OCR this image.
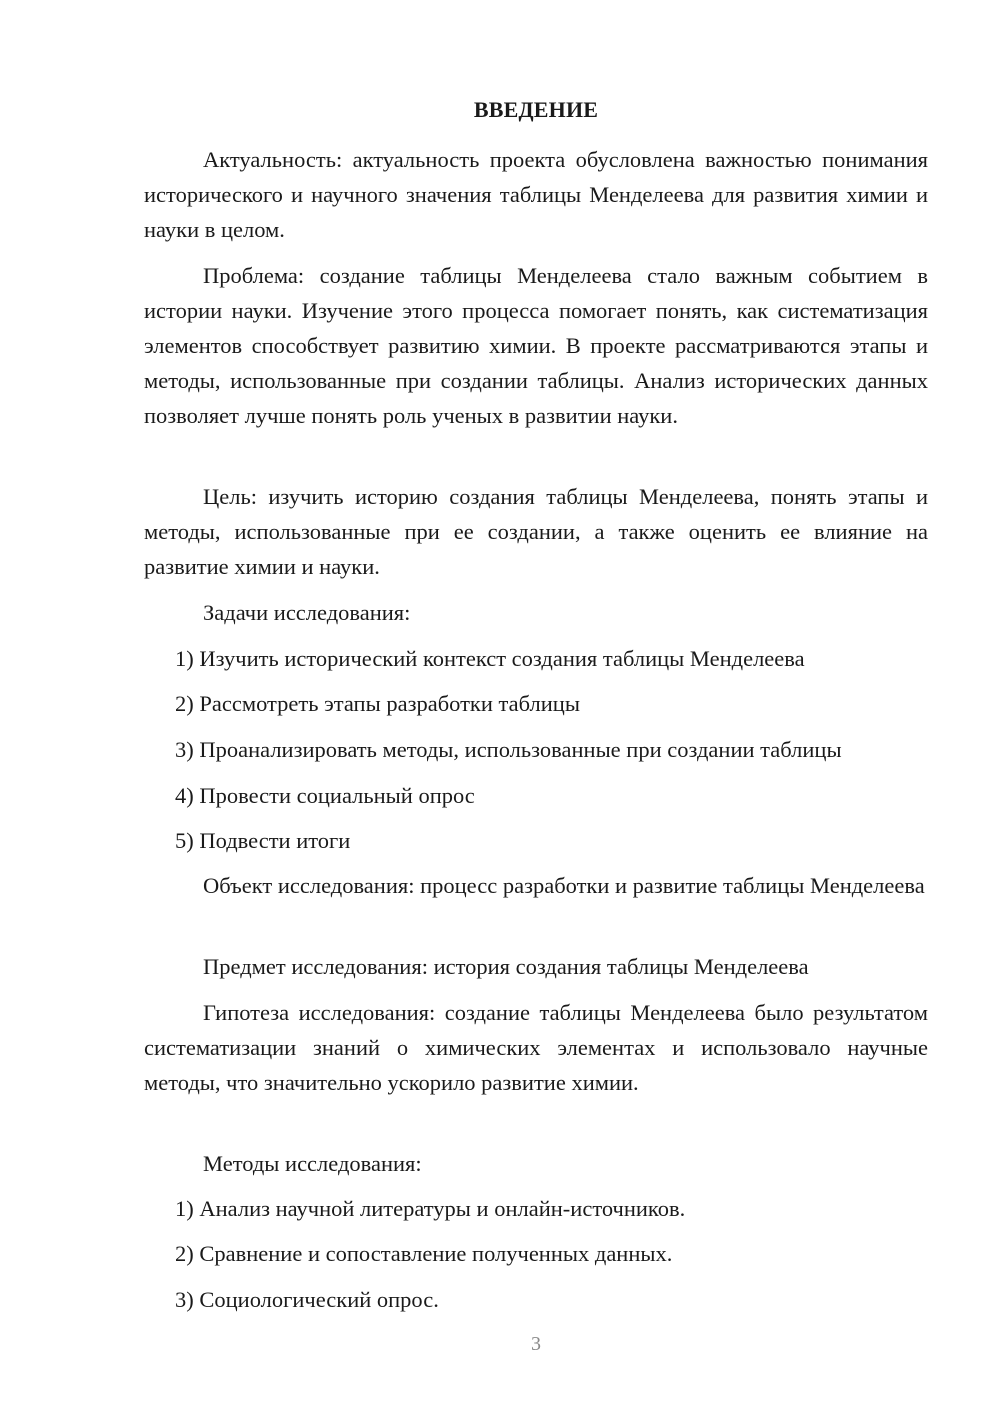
ВВЕДЕНИЕ

Актуальность: актуальность проекта обусловлена важностью понимания исторического и научного значения таблицы Менделеева для развития химии и науки в целом.

Проблема: создание таблицы Менделеева стало важным событием в истории науки. Изучение этого процесса помогает понять, как систематизация элементов способствует развитию химии. В проекте рассматриваются этапы и методы, использованные при создании таблицы. Анализ исторических данных позволяет лучше понять роль ученых в развитии науки.

Цель: изучить историю создания таблицы Менделеева, понять этапы и методы, использованные при ее создании, а также оценить ее влияние на развитие химии и науки.

Задачи исследования:

1) Изучить исторический контекст создания таблицы Менделеева

2) Рассмотреть этапы разработки таблицы

3) Проанализировать методы, использованные при создании таблицы

4) Провести социальный опрос

5) Подвести итоги

Объект исследования: процесс разработки и развитие таблицы Менделеева

Предмет исследования: история создания таблицы Менделеева

Гипотеза исследования: создание таблицы Менделеева было результатом систематизации знаний о химических элементах и использовало научные методы, что значительно ускорило развитие химии.

Методы исследования:

1) Анализ научной литературы и онлайн-источников.

2) Сравнение и сопоставление полученных данных.

3) Социологический опрос.

3
